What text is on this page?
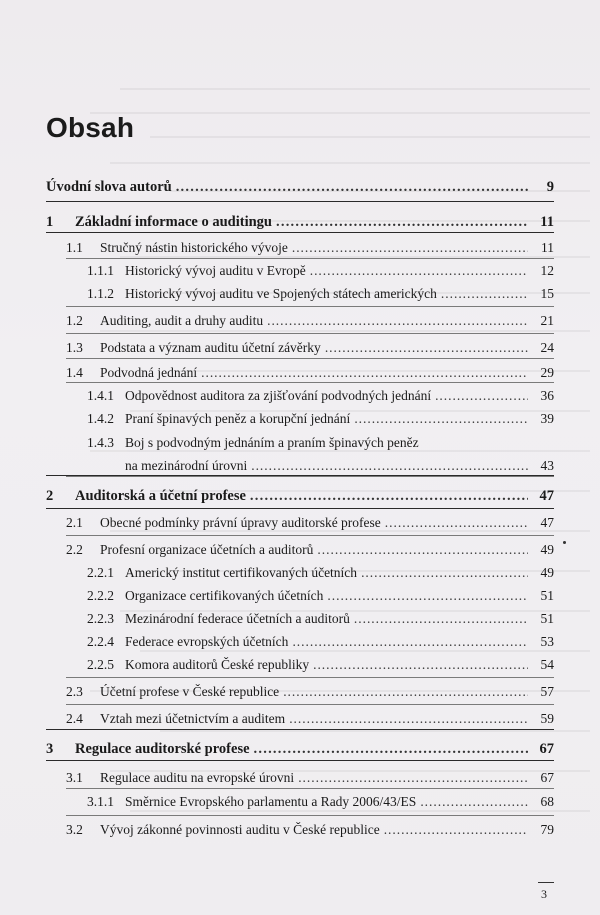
Obsah
Úvodní slova autorů . . .	9
1 Základní informace o auditingu . . .	11
1.1 Stručný nástin historického vývoje . . .	11
1.1.1 Historický vývoj auditu v Evropě . . .	12
1.1.2 Historický vývoj auditu ve Spojených státech amerických . . .	15
1.2 Auditing, audit a druhy auditu . . .	21
1.3 Podstata a význam auditu účetní závěrky . . .	24
1.4 Podvodná jednání . . .	29
1.4.1 Odpovědnost auditora za zjišťování podvodných jednání . . .	36
1.4.2 Praní špinavých peněz a korupční jednání . . .	39
1.4.3 Boj s podvodným jednáním a praním špinavých peněz
na mezinárodní úrovni . . .	43
2 Auditorská a účetní profese . . .	47
2.1 Obecné podmínky právní úpravy auditorské profese . . .	47
2.2 Profesní organizace účetních a auditorů . . .	49
2.2.1 Americký institut certifikovaných účetních . . .	49
2.2.2 Organizace certifikovaných účetních . . .	51
2.2.3 Mezinárodní federace účetních a auditorů . . .	51
2.2.4 Federace evropských účetních . . .	53
2.2.5 Komora auditorů České republiky . . .	54
2.3 Účetní profese v České republice . . .	57
2.4 Vztah mezi účetnictvím a auditem . . .	59
3 Regulace auditorské profese . . .	67
3.1 Regulace auditu na evropské úrovni . . .	67
3.1.1 Směrnice Evropského parlamentu a Rady 2006/43/ES . . .	68
3.2 Vývoj zákonné povinnosti auditu v České republice . . .	79
3
